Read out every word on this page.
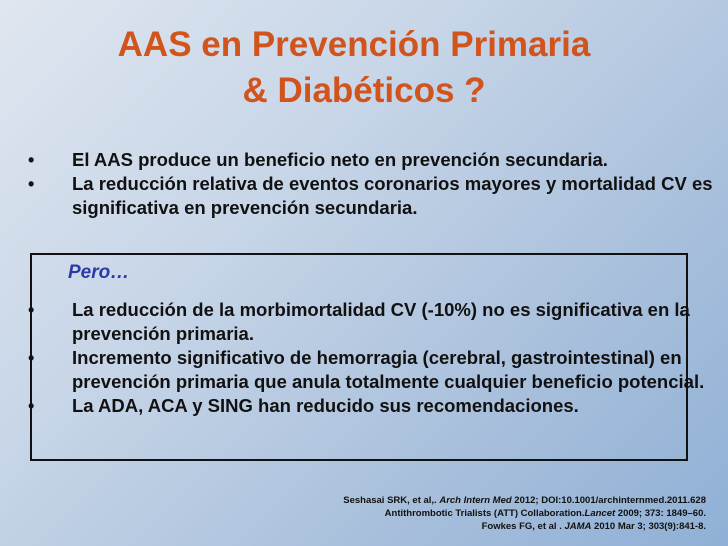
AAS en Prevención Primaria
& Diabéticos ?
• El AAS produce un beneficio neto en prevención secundaria.
• La reducción relativa de eventos coronarios mayores y mortalidad CV es significativa en prevención secundaria.
Pero…
• La reducción de la morbimortalidad CV (-10%) no es significativa en la prevención primaria.
• Incremento significativo de hemorragia (cerebral, gastrointestinal) en prevención primaria que anula totalmente cualquier beneficio potencial.
• La ADA, ACA y SING han reducido sus recomendaciones.
Seshasai SRK, et al,. Arch Intern Med 2012; DOI:10.1001/archinternmed.2011.628
Antithrombotic Trialists (ATT) Collaboration.Lancet 2009; 373: 1849–60.
Fowkes FG, et al . JAMA 2010 Mar 3; 303(9):841-8.
